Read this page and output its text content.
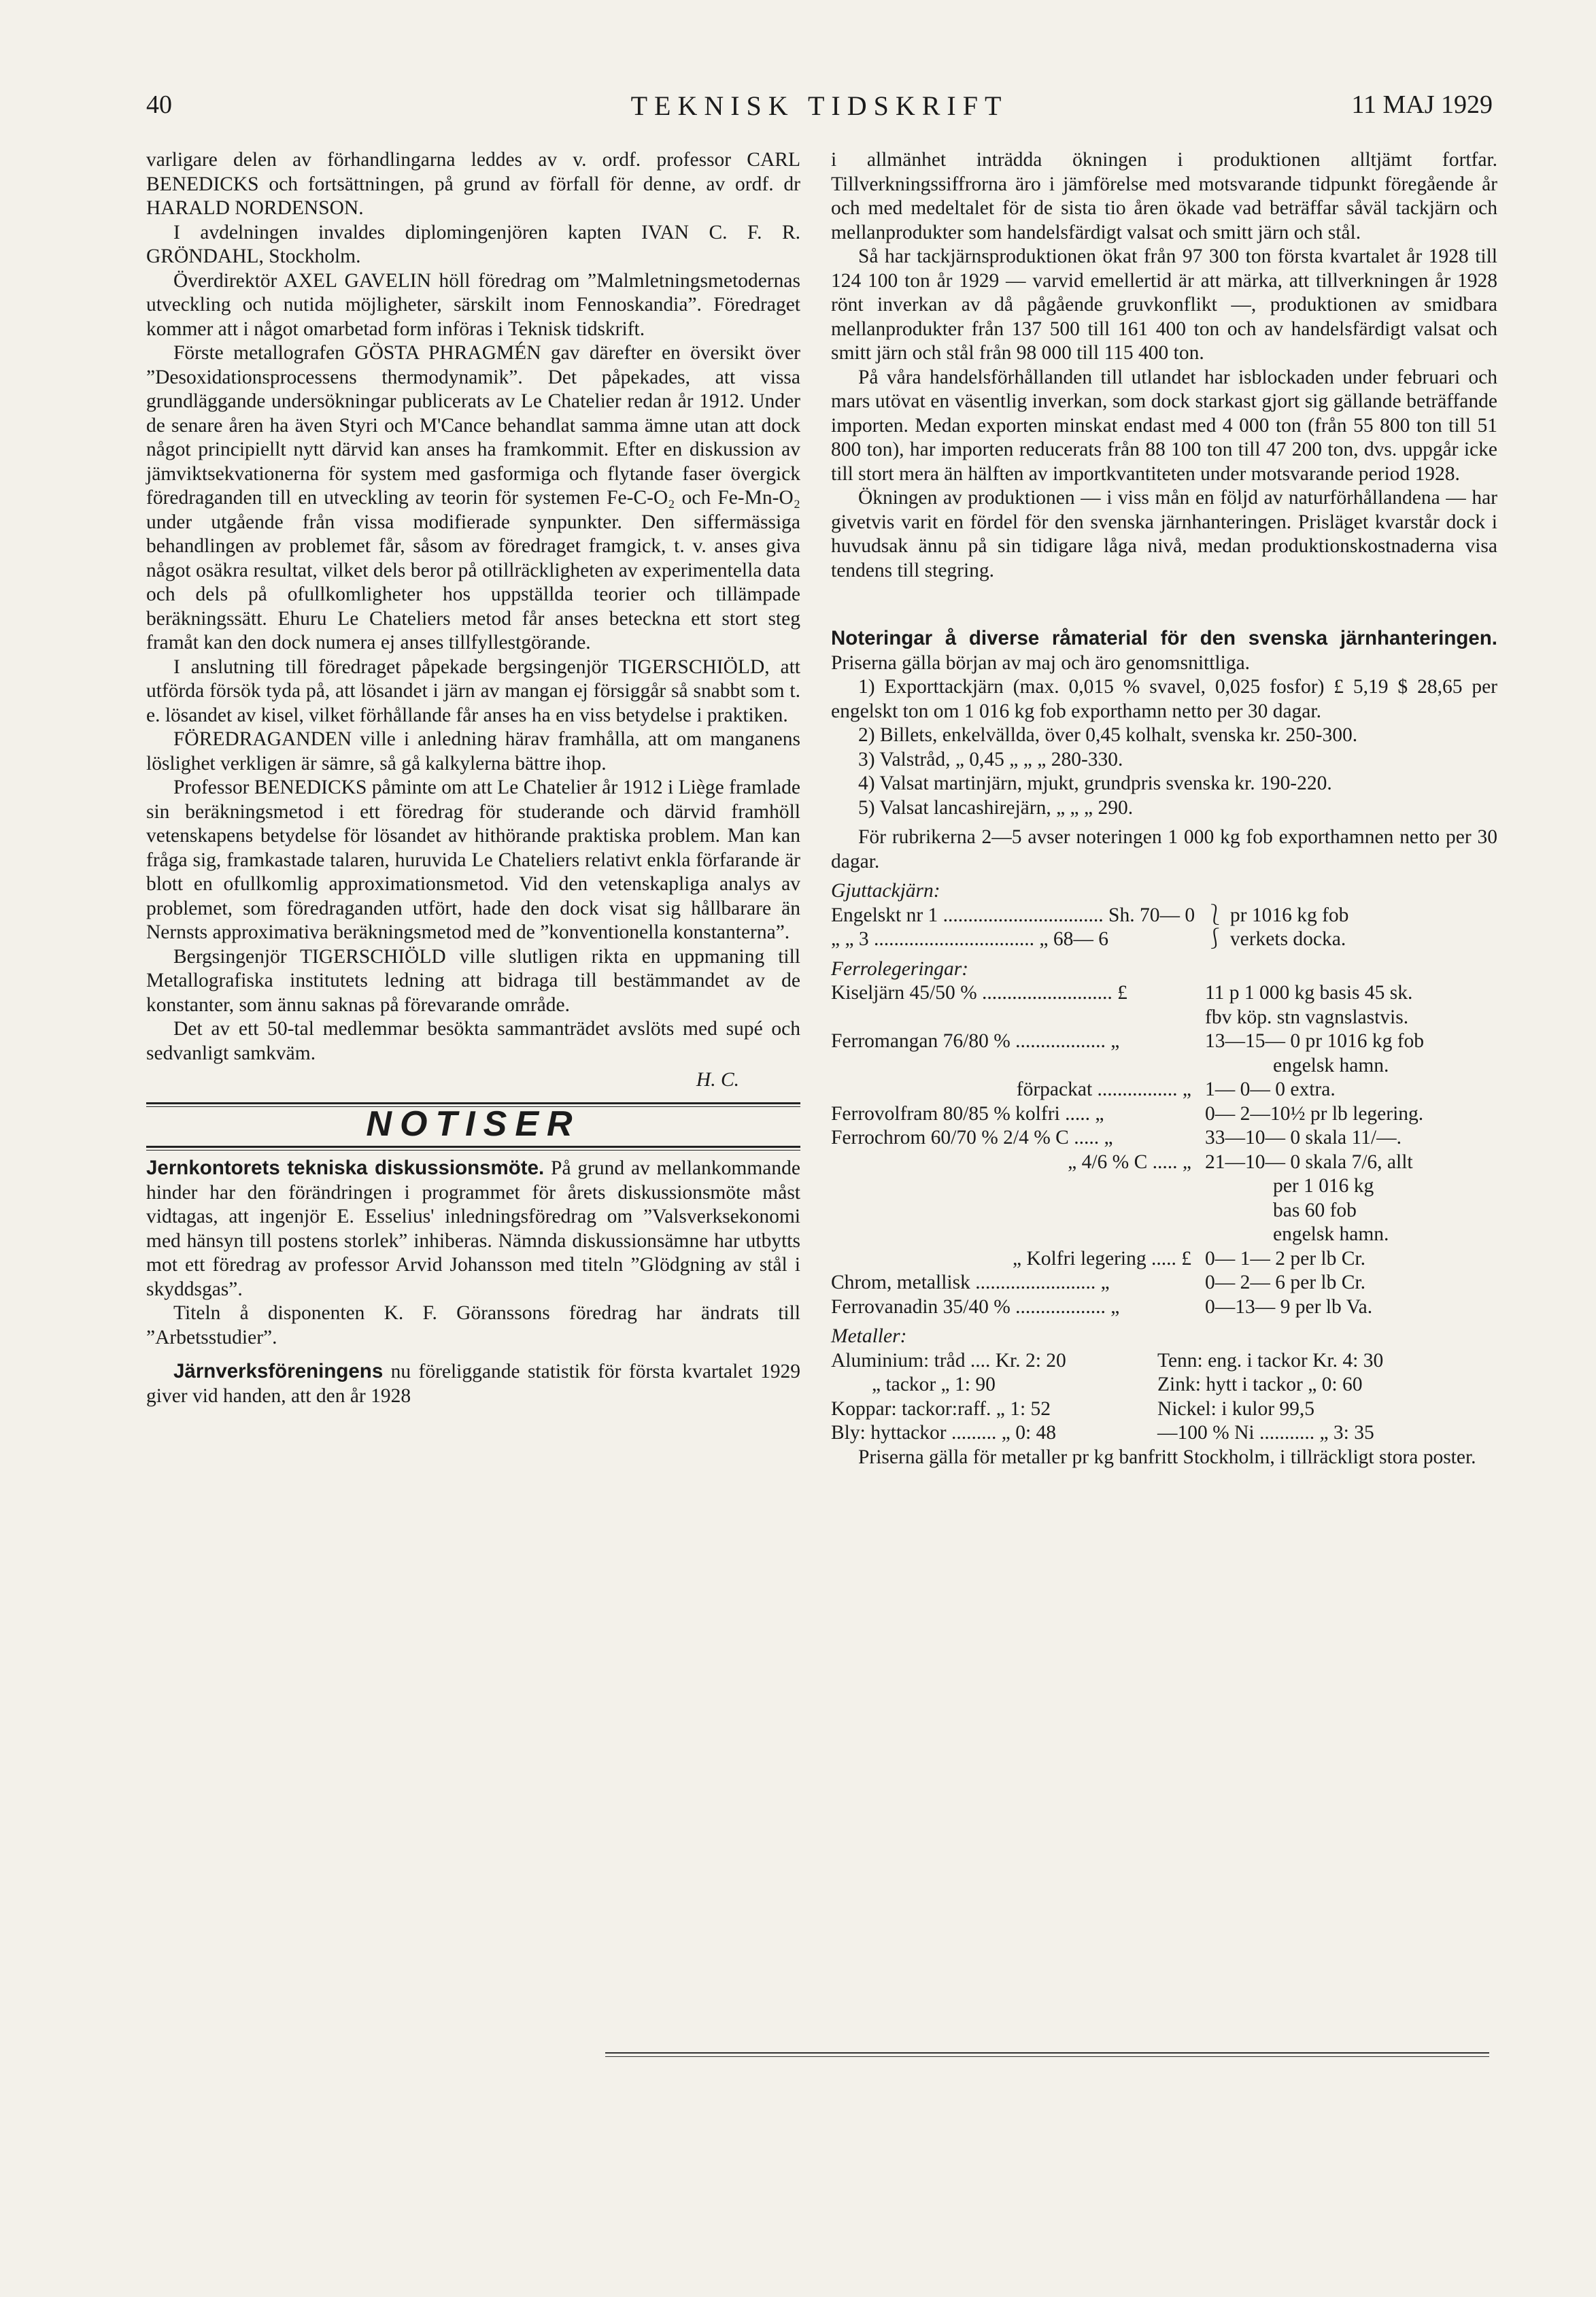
40	TEKNISK TIDSKRIFT	11 MAJ 1929

varligare delen av förhandlingarna leddes av v. ordf. professor CARL BENEDICKS och fortsättningen, på grund av förfall för denne, av ordf. dr HARALD NORDENSON.

I avdelningen invaldes diplomingenjören kapten IVAN C. F. R. GRÖNDAHL, Stockholm.

Överdirektör AXEL GAVELIN höll föredrag om ”Malmletningsmetodernas utveckling och nutida möjligheter, särskilt inom Fennoskandia”. Föredraget kommer att i något omarbetad form införas i Teknisk tidskrift.

Förste metallografen GÖSTA PHRAGMÉN gav därefter en översikt över ”Desoxidationsprocessens thermodynamik”. Det påpekades, att vissa grundläggande undersökningar publicerats av Le Chatelier redan år 1912. Under de senare åren ha även Styri och M'Cance behandlat samma ämne utan att dock något principiellt nytt därvid kan anses ha framkommit. Efter en diskussion av jämviktsekvationerna för system med gasformiga och flytande faser övergick föredraganden till en utveckling av teorin för systemen Fe-C-O₂ och Fe-Mn-O₂ under utgående från vissa modifierade synpunkter. Den siffermässiga behandlingen av problemet får, såsom av föredraget framgick, t. v. anses giva något osäkra resultat, vilket dels beror på otillräckligheten av experimentella data och dels på ofullkomligheter hos uppställda teorier och tillämpade beräkningssätt. Ehuru Le Chateliers metod får anses beteckna ett stort steg framåt kan den dock numera ej anses tillfyllestgörande.

I anslutning till föredraget påpekade bergsingenjör TIGERSCHIÖLD, att utförda försök tyda på, att lösandet i järn av mangan ej försiggår så snabbt som t. e. lösandet av kisel, vilket förhållande får anses ha en viss betydelse i praktiken.

FÖREDRAGANDEN ville i anledning härav framhålla, att om manganens löslighet verkligen är sämre, så gå kalkylerna bättre ihop.

Professor BENEDICKS påminte om att Le Chatelier år 1912 i Liège framlade sin beräkningsmetod i ett föredrag för studerande och därvid framhöll vetenskapens betydelse för lösandet av hithörande praktiska problem. Man kan fråga sig, framkastade talaren, huruvida Le Chateliers relativt enkla förfarande är blott en ofullkomlig approximationsmetod. Vid den vetenskapliga analys av problemet, som föredraganden utfört, hade den dock visat sig hållbarare än Nernsts approximativa beräkningsmetod med de ”konventionella konstanterna”.

Bergsingenjör TIGERSCHIÖLD ville slutligen rikta en uppmaning till Metallografiska institutets ledning att bidraga till bestämmandet av de konstanter, som ännu saknas på förevarande område.

Det av ett 50-tal medlemmar besökta sammanträdet avslöts med supé och sedvanligt samkväm.

H. C.
NOTISER

Jernkontorets tekniska diskussionsmöte. På grund av mellankommande hinder har den förändringen i programmet för årets diskussionsmöte måst vidtagas, att ingenjör E. Esselius' inledningsföredrag om ”Valsverksekonomi med hänsyn till postens storlek” inhiberas. Nämnda diskussionsämne har utbytts mot ett föredrag av professor Arvid Johansson med titeln ”Glödgning av stål i skyddsgas”.

Titeln å disponenten K. F. Göranssons föredrag har ändrats till ”Arbetsstudier”.

Järnverksföreningens nu föreliggande statistik för första kvartalet 1929 giver vid handen, att den år 1928

i allmänhet inträdda ökningen i produktionen alltjämt fortfar. Tillverkningssiffrorna äro i jämförelse med motsvarande tidpunkt föregående år och med medeltalet för de sista tio åren ökade vad beträffar såväl tackjärn och mellanprodukter som handelsfärdigt valsat och smitt järn och stål.

Så har tackjärnsproduktionen ökat från 97 300 ton första kvartalet år 1928 till 124 100 ton år 1929 — varvid emellertid är att märka, att tillverkningen år 1928 rönt inverkan av då pågående gruvkonflikt —, produktionen av smidbara mellanprodukter från 137 500 till 161 400 ton och av handelsfärdigt valsat och smitt järn och stål från 98 000 till 115 400 ton.

På våra handelsförhållanden till utlandet har isblockaden under februari och mars utövat en väsentlig inverkan, som dock starkast gjort sig gällande beträffande importen. Medan exporten minskat endast med 4 000 ton (från 55 800 ton till 51 800 ton), har importen reducerats från 88 100 ton till 47 200 ton, dvs. uppgår icke till stort mera än hälften av importkvantiteten under motsvarande period 1928.

Ökningen av produktionen — i viss mån en följd av naturförhållandena — har givetvis varit en fördel för den svenska järnhanteringen. Prisläget kvarstår dock i huvudsak ännu på sin tidigare låga nivå, medan produktionskostnaderna visa tendens till stegring.

Noteringar å diverse råmaterial för den svenska järnhanteringen. Priserna gälla början av maj och äro genomsnittliga.

1) Exporttackjärn (max. 0,015 % svavel, 0,025 fosfor) £ 5,19 $ 28,65 per engelskt ton om 1 016 kg fob exporthamn netto per 30 dagar.

2) Billets, enkelvällda, över 0,45 kolhalt, svenska kr. 250-300.

3) Valstråd, „ 0,45 „ „ „ 280-330.

4) Valsat martinjärn, mjukt, grundpris svenska kr. 190-220.

5) Valsat lancashirejärn, „ „ „ 290.

För rubrikerna 2—5 avser noteringen 1 000 kg fob exporthamnen netto per 30 dagar.

Gjuttackjärn:

Engelskt nr 1 ................................ Sh. 70— 0 ⎱ pr 1016 kg fob
„ „ 3 ................................ „ 68— 6	⎰ verkets docka.

Ferrolegeringar:

Kiseljärn 45/50 % .......................... £	11 p 1 000 kg basis 45 sk.
fbv köp. stn vagnslastvis.
Ferromangan 76/80 % .................. „	13—15— 0 pr 1016 kg fob
engelsk hamn.
förpackat ................ „ 1— 0— 0 extra.
Ferrovolfram 80/85 % kolfri ..... „	0— 2—10½ pr lb legering.
Ferrochrom 60/70 % 2/4 % C ..... „	33—10— 0 skala 11/—.
„ 4/6 % C ..... „ 21—10— 0 skala 7/6, allt
per 1 016 kg
bas 60 fob
engelsk hamn.
„ Kolfri legering ..... £ 0— 1— 2 per lb Cr.
Chrom, metallisk ........................ „	0— 2— 6 per lb Cr.
Ferrovanadin 35/40 % .................. „	0—13— 9 per lb Va.

Metaller:

Aluminium: tråd .... Kr. 2: 20	Tenn: eng. i tackor Kr. 4: 30
„ tackor „ 1: 90	Zink: hytt i tackor „ 0: 60
Koppar: tackor:raff. „ 1: 52	Nickel: i kulor 99,5
Bly: hyttackor ......... „ 0: 48	—100 % Ni ........... „ 3: 35

Priserna gälla för metaller pr kg banfritt Stockholm, i tillräckligt stora poster.
